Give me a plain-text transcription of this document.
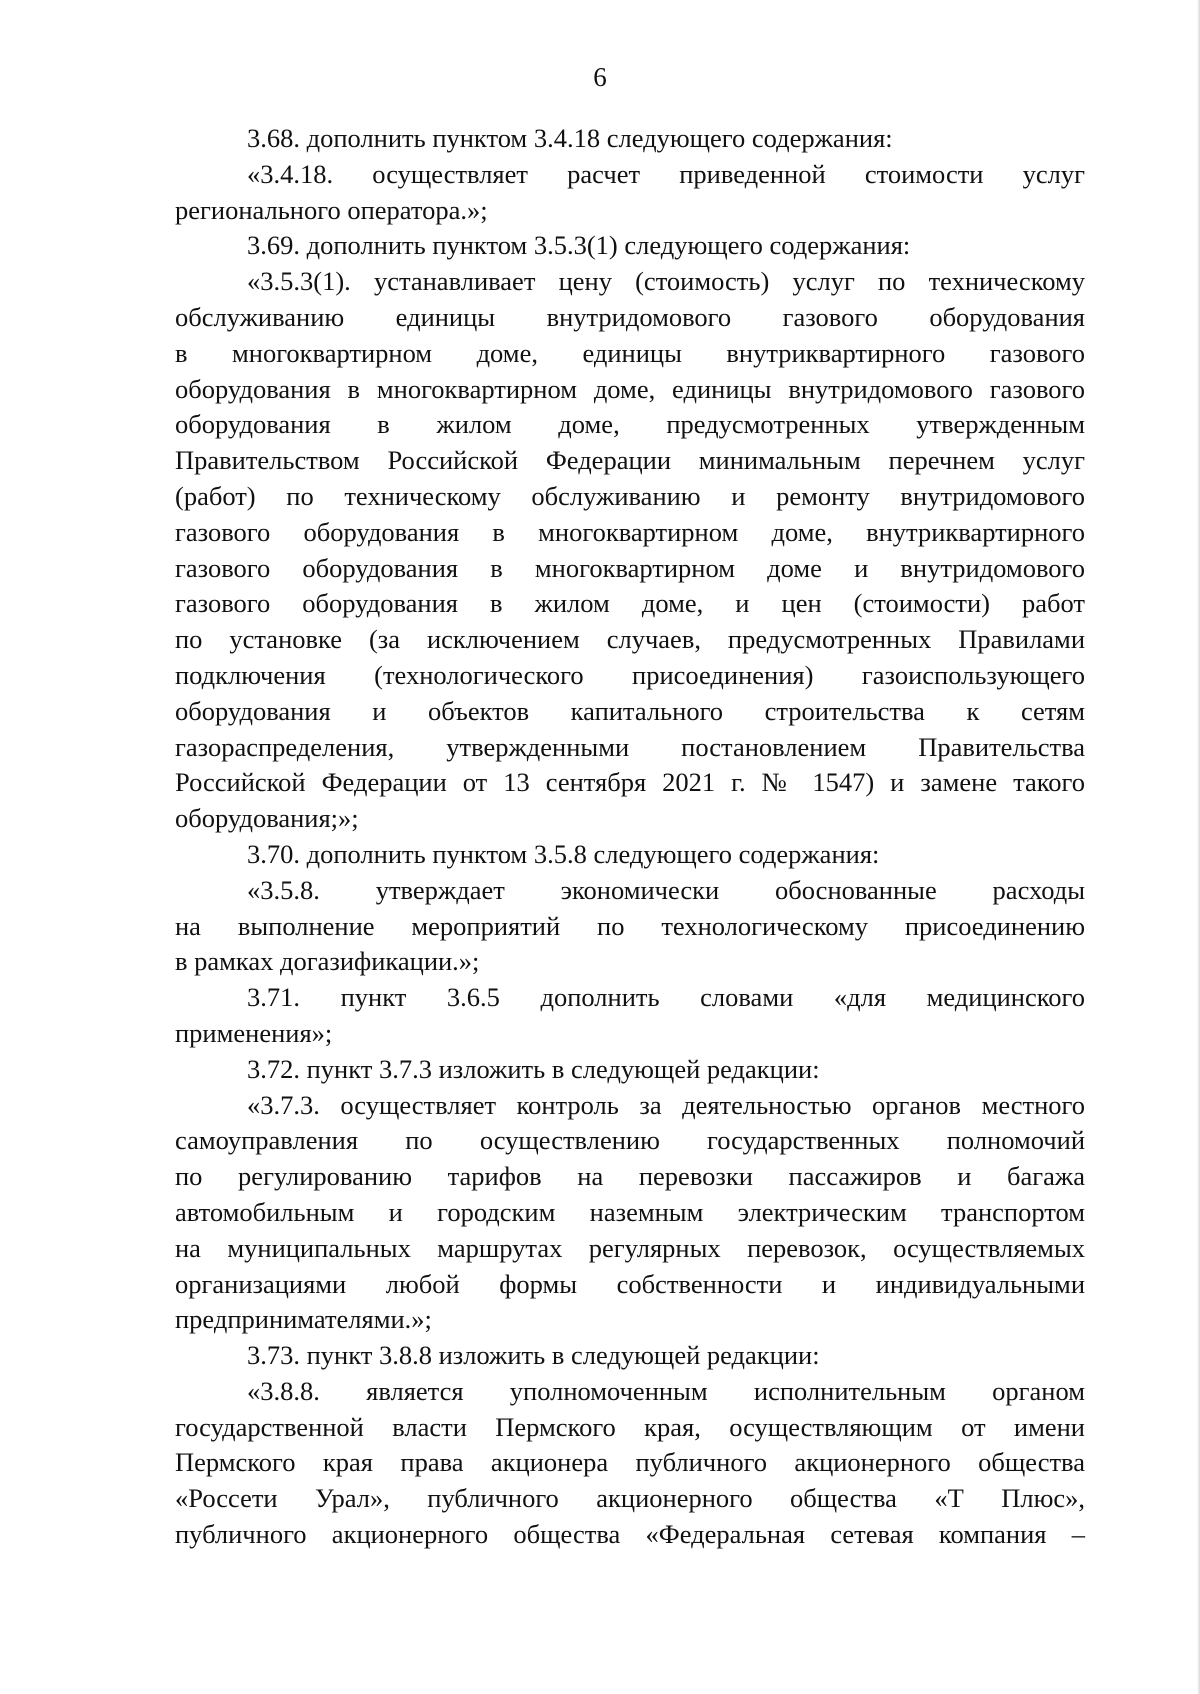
6
3.68. дополнить пунктом 3.4.18 следующего содержания:
«3.4.18. осуществляет расчет приведенной стоимости услуг
регионального оператора.»;
3.69. дополнить пунктом 3.5.3(1) следующего содержания:
«3.5.3(1). устанавливает цену (стоимость) услуг по техническому
обслуживанию единицы внутридомового газового оборудования
в многоквартирном доме, единицы внутриквартирного газового
оборудования в многоквартирном доме, единицы внутридомового газового
оборудования в жилом доме, предусмотренных утвержденным
Правительством Российской Федерации минимальным перечнем услуг
(работ) по техническому обслуживанию и ремонту внутридомового
газового оборудования в многоквартирном доме, внутриквартирного
газового оборудования в многоквартирном доме и внутридомового
газового оборудования в жилом доме, и цен (стоимости) работ
по установке (за исключением случаев, предусмотренных Правилами
подключения (технологического присоединения) газоиспользующего
оборудования и объектов капитального строительства к сетям
газораспределения, утвержденными постановлением Правительства
Российской Федерации от 13 сентября 2021 г. № 1547) и замене такого
оборудования;»;
3.70. дополнить пунктом 3.5.8 следующего содержания:
«3.5.8. утверждает экономически обоснованные расходы
на выполнение мероприятий по технологическому присоединению
в рамках догазификации.»;
3.71. пункт 3.6.5 дополнить словами «для медицинского
применения»;
3.72. пункт 3.7.3 изложить в следующей редакции:
«3.7.3. осуществляет контроль за деятельностью органов местного
самоуправления по осуществлению государственных полномочий
по регулированию тарифов на перевозки пассажиров и багажа
автомобильным и городским наземным электрическим транспортом
на муниципальных маршрутах регулярных перевозок, осуществляемых
организациями любой формы собственности и индивидуальными
предпринимателями.»;
3.73. пункт 3.8.8 изложить в следующей редакции:
«3.8.8. является уполномоченным исполнительным органом
государственной власти Пермского края, осуществляющим от имени
Пермского края права акционера публичного акционерного общества
«Россети Урал», публичного акционерного общества «Т Плюс»,
публичного акционерного общества «Федеральная сетевая компания –
